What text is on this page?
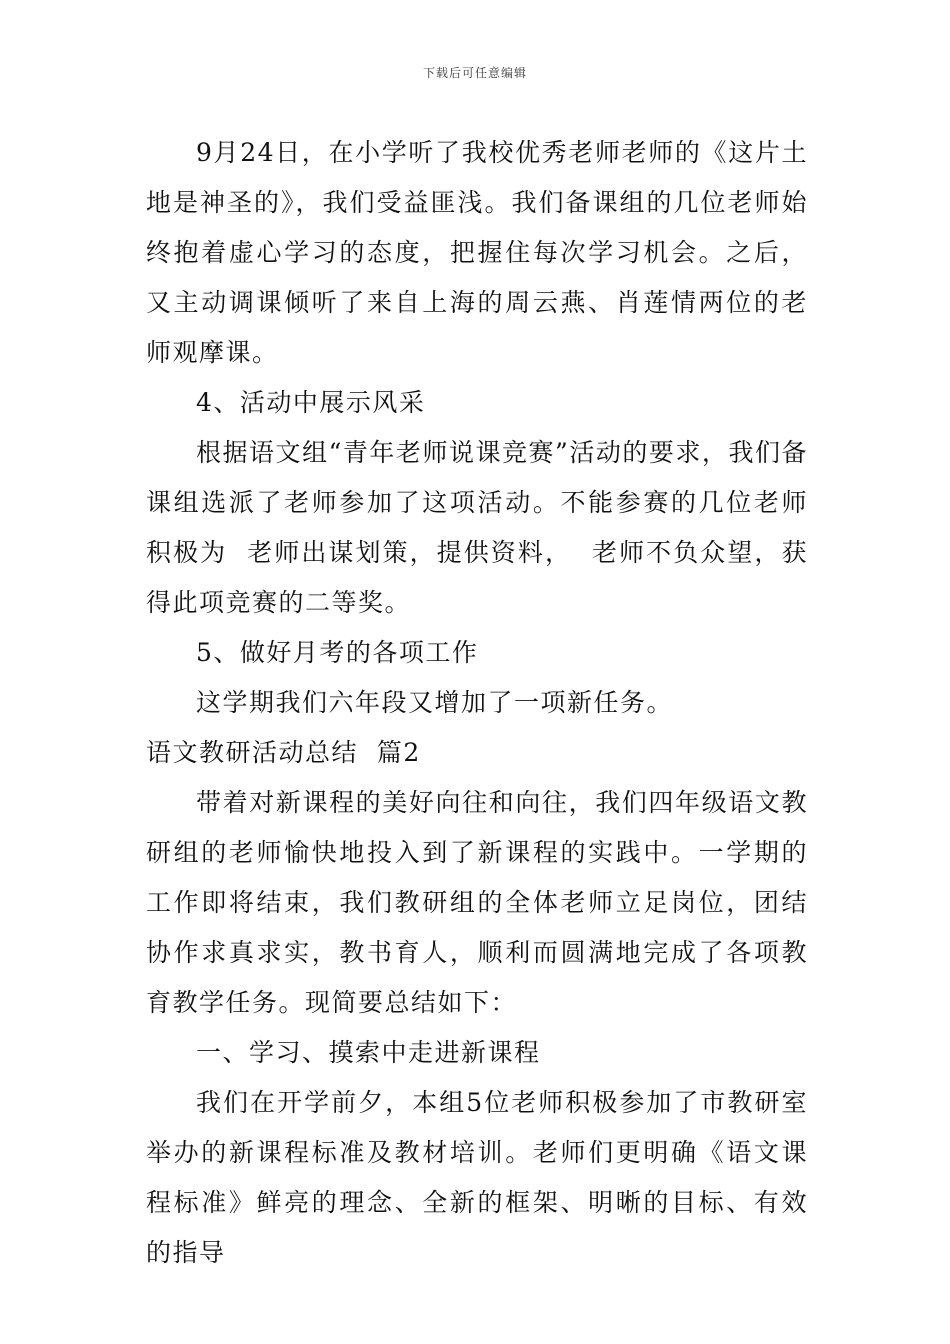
下载后可任意编辑

9月24日，在小学听了我校优秀老师老师的《这片土地是神圣的》，我们受益匪浅。我们备课组的几位老师始终抱着虚心学习的态度，把握住每次学习机会。之后，又主动调课倾听了来自上海的周云燕、肖莲情两位的老师观摩课。

4、活动中展示风采

根据语文组“青年老师说课竞赛”活动的要求，我们备课组选派了老师参加了这项活动。不能参赛的几位老师积极为  老师出谋划策，提供资料，  老师不负众望，获得此项竞赛的二等奖。

5、做好月考的各项工作

这学期我们六年段又增加了一项新任务。

语文教研活动总结  篇2

带着对新课程的美好向往和向往，我们四年级语文教研组的老师愉快地投入到了新课程的实践中。一学期的工作即将结束，我们教研组的全体老师立足岗位，团结协作求真求实，教书育人，顺利而圆满地完成了各项教育教学任务。现简要总结如下：

一、学习、摸索中走进新课程

我们在开学前夕，本组5位老师积极参加了市教研室举办的新课程标准及教材培训。老师们更明确《语文课程标准》鲜亮的理念、全新的框架、明晰的目标、有效的指导
